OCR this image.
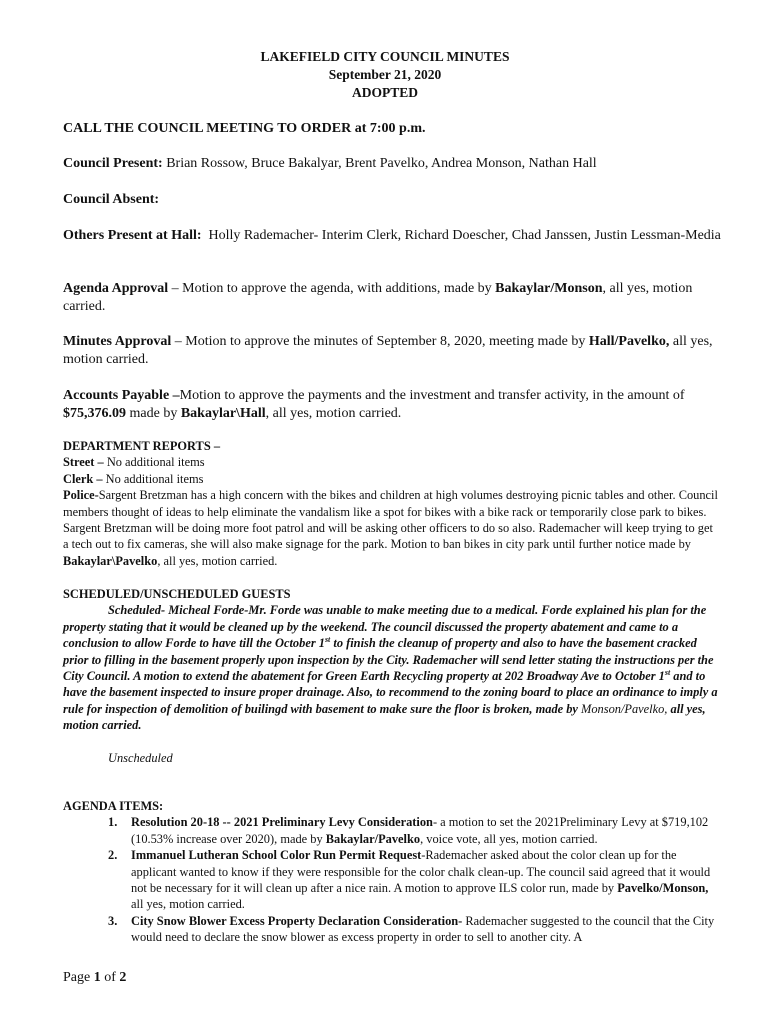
LAKEFIELD CITY COUNCIL MINUTES
September 21, 2020
ADOPTED
CALL THE COUNCIL MEETING TO ORDER at 7:00 p.m.
Council Present: Brian Rossow, Bruce Bakalyar, Brent Pavelko, Andrea Monson, Nathan Hall
Council Absent:
Others Present at Hall: Holly Rademacher- Interim Clerk, Richard Doescher, Chad Janssen, Justin Lessman-Media
Agenda Approval – Motion to approve the agenda, with additions, made by Bakaylar/Monson, all yes, motion carried.
Minutes Approval – Motion to approve the minutes of September 8, 2020, meeting made by Hall/Pavelko, all yes, motion carried.
Accounts Payable –Motion to approve the payments and the investment and transfer activity, in the amount of $75,376.09 made by Bakaylar\Hall, all yes, motion carried.
DEPARTMENT REPORTS –
Street – No additional items
Clerk – No additional items
Police-Sargent Bretzman has a high concern with the bikes and children at high volumes destroying picnic tables and other. Council members thought of ideas to help eliminate the vandalism like a spot for bikes with a bike rack or temporarily close park to bikes. Sargent Bretzman will be doing more foot patrol and will be asking other officers to do so also. Rademacher will keep trying to get a tech out to fix cameras, she will also make signage for the park. Motion to ban bikes in city park until further notice made by Bakaylar\Pavelko, all yes, motion carried.
SCHEDULED/UNSCHEDULED GUESTS
Scheduled- Micheal Forde-Mr. Forde was unable to make meeting due to a medical. Forde explained his plan for the property stating that it would be cleaned up by the weekend. The council discussed the property abatement and came to a conclusion to allow Forde to have till the October 1st to finish the cleanup of property and also to have the basement cracked prior to filling in the basement properly upon inspection by the City. Rademacher will send letter stating the instructions per the City Council. A motion to extend the abatement for Green Earth Recycling property at 202 Broadway Ave to October 1st and to have the basement inspected to insure proper drainage. Also, to recommend to the zoning board to place an ordinance to imply a rule for inspection of demolition of builingd with basement to make sure the floor is broken, made by Monson/Pavelko, all yes, motion carried.
Unscheduled
AGENDA ITEMS:
1. Resolution 20-18 -- 2021 Preliminary Levy Consideration- a motion to set the 2021Preliminary Levy at $719,102 (10.53% increase over 2020), made by Bakaylar/Pavelko, voice vote, all yes, motion carried.
2. Immanuel Lutheran School Color Run Permit Request-Rademacher asked about the color clean up for the applicant wanted to know if they were responsible for the color chalk clean-up. The council said agreed that it would not be necessary for it will clean up after a nice rain. A motion to approve ILS color run, made by Pavelko/Monson, all yes, motion carried.
3. City Snow Blower Excess Property Declaration Consideration- Rademacher suggested to the council that the City would need to declare the snow blower as excess property in order to sell to another city. A
Page 1 of 2
